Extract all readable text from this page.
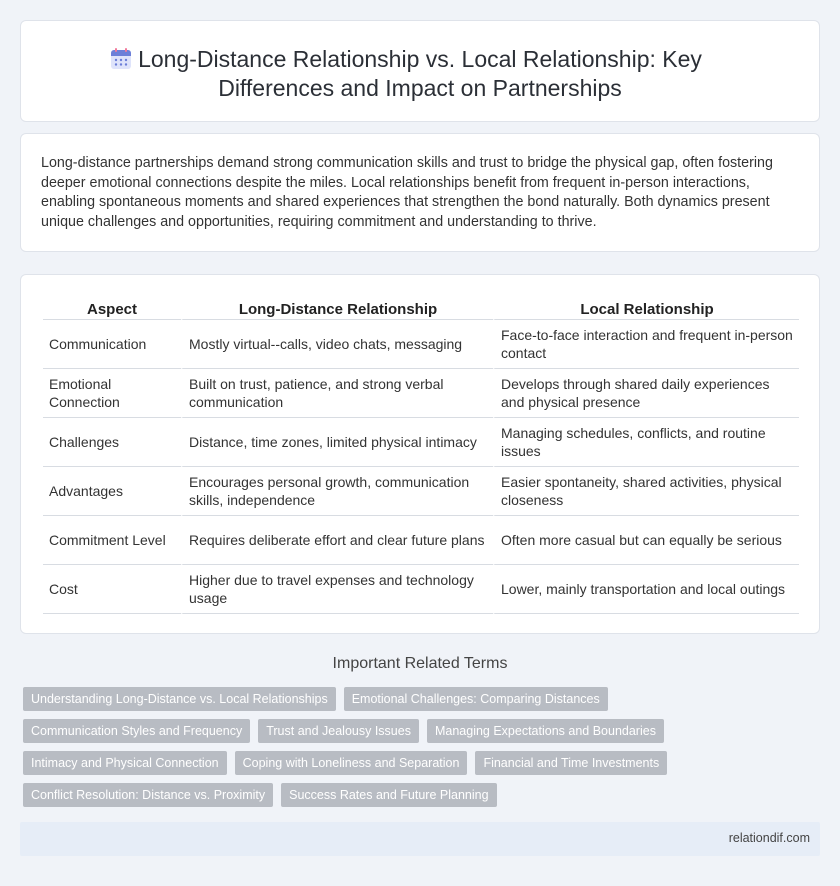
Long-Distance Relationship vs. Local Relationship: Key Differences and Impact on Partnerships

Long-distance partnerships demand strong communication skills and trust to bridge the physical gap, often fostering deeper emotional connections despite the miles. Local relationships benefit from frequent in-person interactions, enabling spontaneous moments and shared experiences that strengthen the bond naturally. Both dynamics present unique challenges and opportunities, requiring commitment and understanding to thrive.

Aspect	Long-Distance Relationship	Local Relationship
Communication	Mostly virtual--calls, video chats, messaging	Face-to-face interaction and frequent in-person contact
Emotional Connection	Built on trust, patience, and strong verbal communication	Develops through shared daily experiences and physical presence
Challenges	Distance, time zones, limited physical intimacy	Managing schedules, conflicts, and routine issues
Advantages	Encourages personal growth, communication skills, independence	Easier spontaneity, shared activities, physical closeness
Commitment Level	Requires deliberate effort and clear future plans	Often more casual but can equally be serious
Cost	Higher due to travel expenses and technology usage	Lower, mainly transportation and local outings
Important Related Terms
Understanding Long-Distance vs. Local Relationships	Emotional Challenges: Comparing Distances
Communication Styles and Frequency	Trust and Jealousy Issues	Managing Expectations and Boundaries
Intimacy and Physical Connection	Coping with Loneliness and Separation	Financial and Time Investments
Conflict Resolution: Distance vs. Proximity	Success Rates and Future Planning
relationdif.com
